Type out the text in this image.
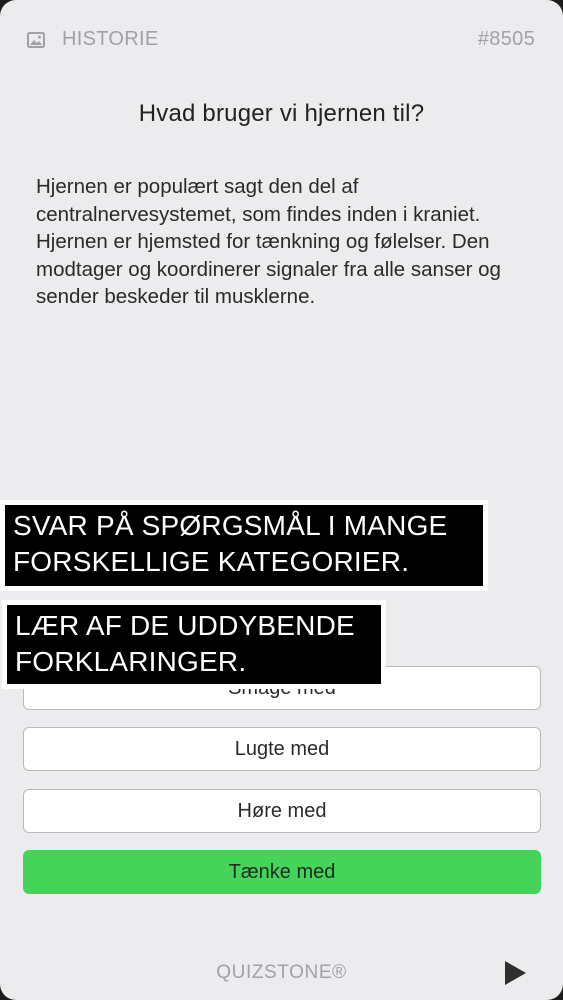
HISTORIE	#8505
Hvad bruger vi hjernen til?
Hjernen er populært sagt den del af centralnervesystemet, som findes inden i kraniet. Hjernen er hjemsted for tænkning og følelser. Den modtager og koordinerer signaler fra alle sanser og sender beskeder til musklerne.
Lugte med
Høre med
Tænke med
SVAR PÅ SPØRGSMÅL I MANGE FORSKELLIGE KATEGORIER.
LÆR AF DE UDDYBENDE FORKLARINGER.
QUIZSTONE®
